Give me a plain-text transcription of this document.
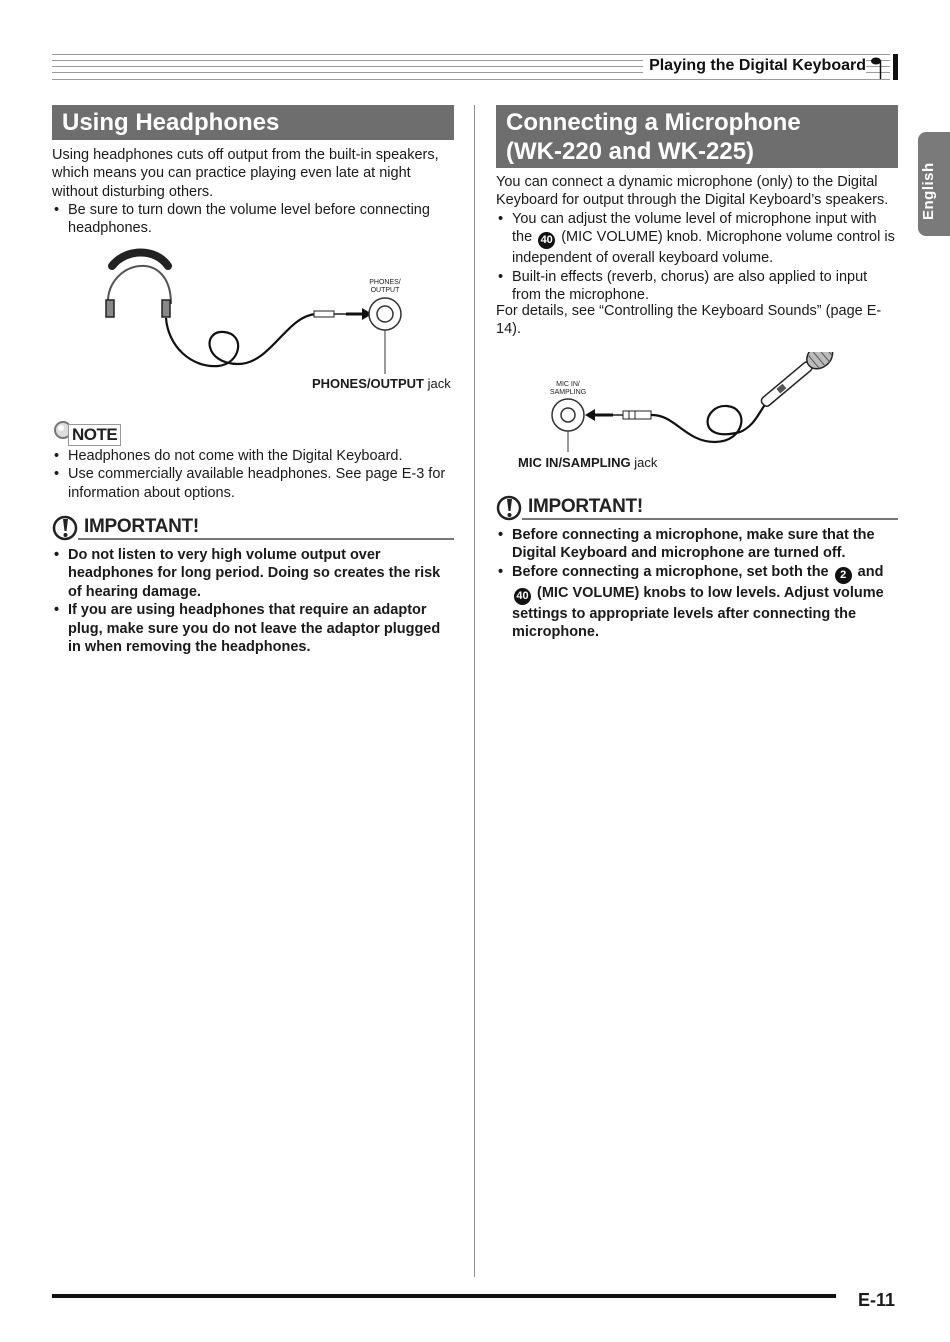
Playing the Digital Keyboard
English
Using Headphones

Using headphones cuts off output from the built-in speakers, which means you can practice playing even late at night without disturbing others.

• Be sure to turn down the volume level before connecting headphones.
PHONES/
OUTPUT
PHONES/OUTPUT jack
NOTE
• Headphones do not come with the Digital Keyboard.
• Use commercially available headphones. See page E-3 for information about options.
IMPORTANT!
• Do not listen to very high volume output over headphones for long period. Doing so creates the risk of hearing damage.
• If you are using headphones that require an adaptor plug, make sure you do not leave the adaptor plugged in when removing the headphones.
Connecting a Microphone
(WK-220 and WK-225)

You can connect a dynamic microphone (only) to the Digital Keyboard for output through the Digital Keyboard’s speakers.

• You can adjust the volume level of microphone input with the 40 (MIC VOLUME) knob. Microphone volume control is independent of overall keyboard volume.
• Built-in effects (reverb, chorus) are also applied to input from the microphone.

For details, see “Controlling the Keyboard Sounds” (page E-14).

MIC IN/
SAMPLING
MIC IN/SAMPLING jack
IMPORTANT!
• Before connecting a microphone, make sure that the Digital Keyboard and microphone are turned off.
• Before connecting a microphone, set both the 2 and
40 (MIC VOLUME) knobs to low levels. Adjust volume settings to appropriate levels after connecting the microphone.
E-11
